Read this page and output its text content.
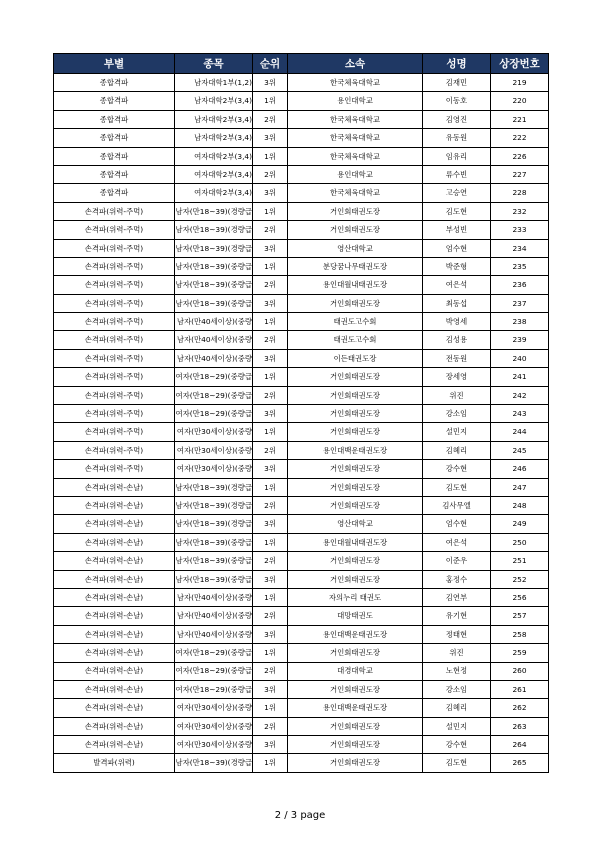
부별	종목	순위	소속	성명	상장번호
종합격파	남자대학1부(1,2)	3위	한국체육대학교	김재민	219
종합격파	남자대학2부(3,4)	1위	용인대학교	이동호	220
종합격파	남자대학2부(3,4)	2위	한국체육대학교	김영진	221
종합격파	남자대학2부(3,4)	3위	한국체육대학교	유동원	222
종합격파	여자대학2부(3,4)	1위	한국체육대학교	임유리	226
종합격파	여자대학2부(3,4)	2위	용인대학교	류수빈	227
종합격파	여자대학2부(3,4)	3위	한국체육대학교	고승연	228
손격파(위력-주먹)	남자(만18~39)(경량급	1위	거인회태권도장	김도현	232
손격파(위력-주먹)	남자(만18~39)(경량급	2위	거인회태권도장	부성빈	233
손격파(위력-주먹)	남자(만18~39)(경량급	3위	영산대학교	엄수현	234
손격파(위력-주먹)	남자(만18~39)(중량급	1위	분당꿈나무태권도장	박준형	235
손격파(위력-주먹)	남자(만18~39)(중량급	2위	용인대월내태권도장	여은석	236
손격파(위력-주먹)	남자(만18~39)(중량급	3위	거인회태권도장	최동섭	237
손격파(위력-주먹)	남자(만40세이상)(중량	1위	태권도고수회	박영세	238
손격파(위력-주먹)	남자(만40세이상)(중량	2위	태권도고수회	김성용	239
손격파(위력-주먹)	남자(만40세이상)(중량	3위	이든태권도장	전동원	240
손격파(위력-주먹)	여자(만18~29)(중량급	1위	거인회태권도장	장세영	241
손격파(위력-주먹)	여자(만18~29)(중량급	2위	거인회태권도장	위진	242
손격파(위력-주먹)	여자(만18~29)(중량급	3위	거인회태권도장	강소임	243
손격파(위력-주먹)	여자(만30세이상)(중량	1위	거인회태권도장	설민지	244
손격파(위력-주먹)	여자(만30세이상)(중량	2위	용인대백운태권도장	김혜리	245
손격파(위력-주먹)	여자(만30세이상)(중량	3위	거인회태권도장	강수현	246
손격파(위력-손날)	남자(만18~39)(경량급	1위	거인회태권도장	김도현	247
손격파(위력-손날)	남자(만18~39)(경량급	2위	거인회태권도장	김사무엘	248
손격파(위력-손날)	남자(만18~39)(경량급	3위	영산대학교	엄수현	249
손격파(위력-손날)	남자(만18~39)(중량급	1위	용인대월내태권도장	여은석	250
손격파(위력-손날)	남자(만18~39)(중량급	2위	거인회태권도장	이준우	251
손격파(위력-손날)	남자(만18~39)(중량급	3위	거인회태권도장	홍정수	252
손격파(위력-손날)	남자(만40세이상)(중량	1위	자의누리 태권도	김연부	256
손격파(위력-손날)	남자(만40세이상)(중량	2위	대망태권도	유기현	257
손격파(위력-손날)	남자(만40세이상)(중량	3위	용인대백운태권도장	정태현	258
손격파(위력-손날)	여자(만18~29)(중량급	1위	거인회태권도장	위진	259
손격파(위력-손날)	여자(만18~29)(중량급	2위	대경대학교	노현정	260
손격파(위력-손날)	여자(만18~29)(중량급	3위	거인회태권도장	강소임	261
손격파(위력-손날)	여자(만30세이상)(중량	1위	용인대백운태권도장	김혜리	262
손격파(위력-손날)	여자(만30세이상)(중량	2위	거인회태권도장	설민지	263
손격파(위력-손날)	여자(만30세이상)(중량	3위	거인회태권도장	강수현	264
발격파(위력)	남자(만18~39)(경량급	1위	거인회태권도장	김도현	265
2 / 3 page
